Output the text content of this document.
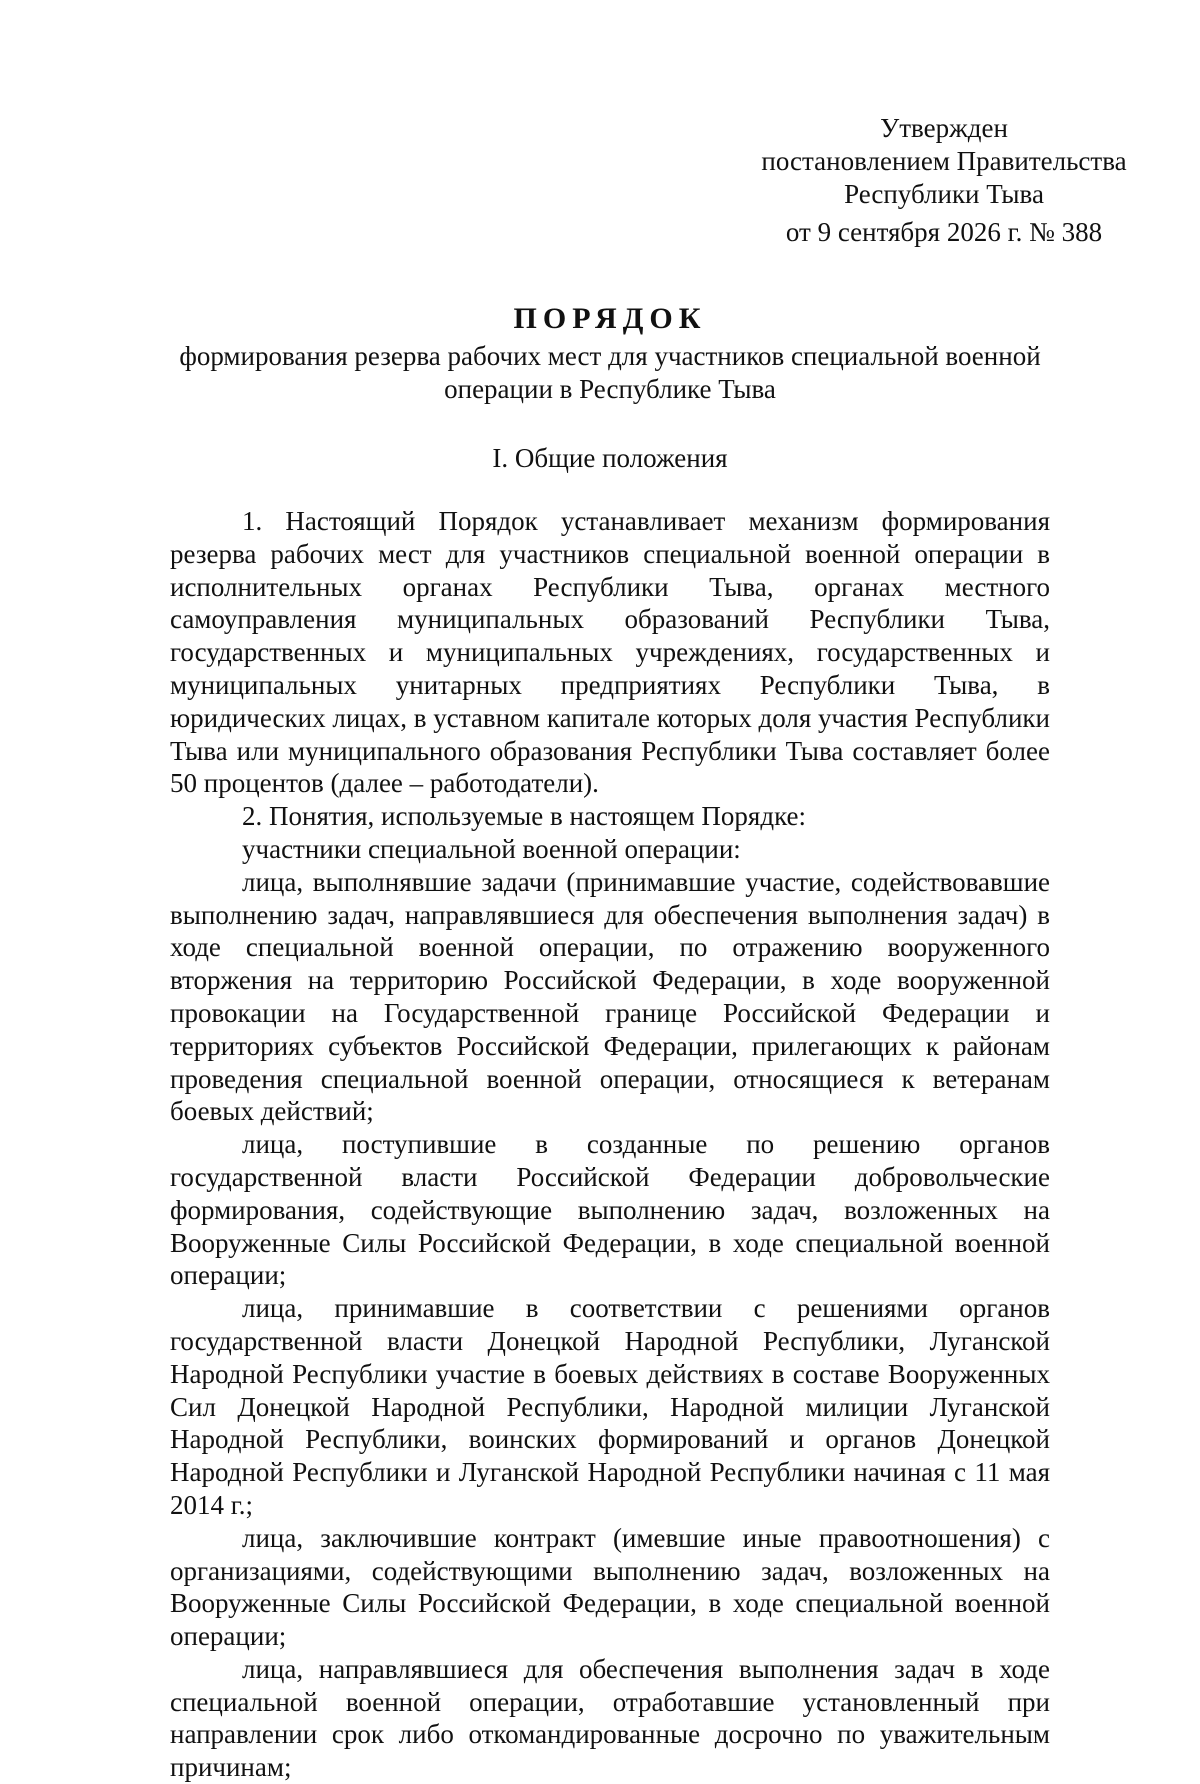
Утвержден
постановлением Правительства
Республики Тыва
от 9 сентября 2026 г. № 388
ПОРЯДОК
формирования резерва рабочих мест для участников специальной военной операции в Республике Тыва
I. Общие положения

1. Настоящий Порядок устанавливает механизм формирования резерва рабочих мест для участников специальной военной операции в исполнительных органах Республики Тыва, органах местного самоуправления муниципальных образований Республики Тыва, государственных и муниципальных учреждениях, государственных и муниципальных унитарных предприятиях Республики Тыва, в юридических лицах, в уставном капитале которых доля участия Республики Тыва или муниципального образования Республики Тыва составляет более 50 процентов (далее – работодатели).

2. Понятия, используемые в настоящем Порядке:

участники специальной военной операции:

лица, выполнявшие задачи (принимавшие участие, содействовавшие выполнению задач, направлявшиеся для обеспечения выполнения задач) в ходе специальной военной операции, по отражению вооруженного вторжения на территорию Российской Федерации, в ходе вооруженной провокации на Государственной границе Российской Федерации и территориях субъектов Российской Федерации, прилегающих к районам проведения специальной военной операции, относящиеся к ветеранам боевых действий;

лица, поступившие в созданные по решению органов государственной власти Российской Федерации добровольческие формирования, содействующие выполнению задач, возложенных на Вооруженные Силы Российской Федерации, в ходе специальной военной операции;

лица, принимавшие в соответствии с решениями органов государственной власти Донецкой Народной Республики, Луганской Народной Республики участие в боевых действиях в составе Вооруженных Сил Донецкой Народной Республики, Народной милиции Луганской Народной Республики, воинских формирований и органов Донецкой Народной Республики и Луганской Народной Республики начиная с 11 мая 2014 г.;

лица, заключившие контракт (имевшие иные правоотношения) с организациями, содействующими выполнению задач, возложенных на Вооруженные Силы Российской Федерации, в ходе специальной военной операции;

лица, направлявшиеся для обеспечения выполнения задач в ходе специальной военной операции, отработавшие установленный при направлении срок либо откомандированные досрочно по уважительным причинам;
